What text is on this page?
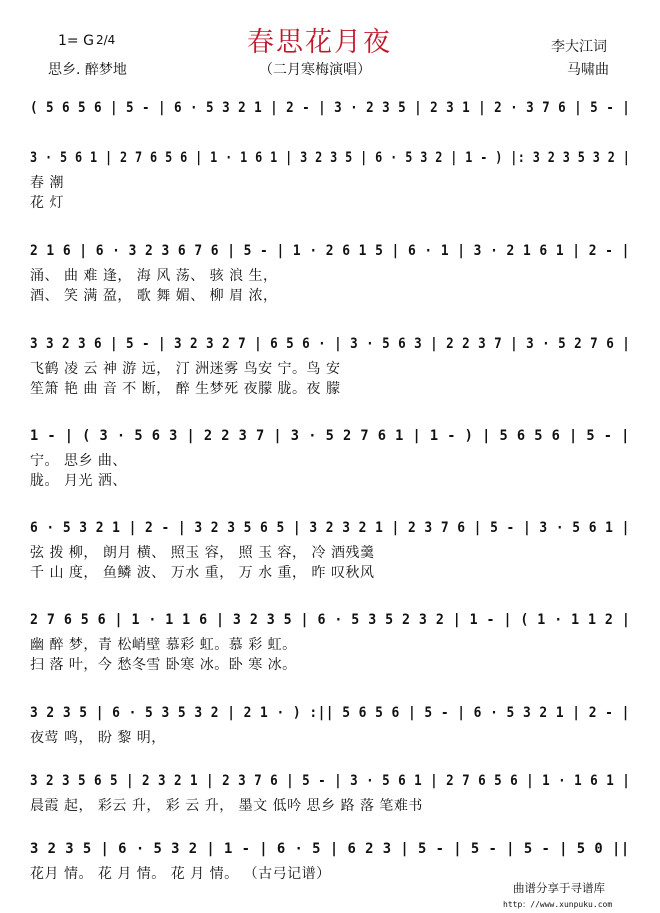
1= G 2/4	春思花月夜	李大江词
思乡. 醉梦地	（二月寒梅演唱）	马啸曲
( 5 6 5 6 | 5 - | 6 · 5 3 2 1 | 2 - | 3 · 2 3 5 | 2 3 1 | 2 · 3 7 6 | 5 - |
3 · 5 6 1 | 2 7 6 5 6 | 1 · 1 6 1 | 3 2 3 5 | 6 · 5 3 2 | 1 - ) |: 3 2 3 5 3 2 |
春 潮
花 灯
2 1 6 | 6 · 3 2 3 6 7 6 | 5 - | 1 · 2 6 1 5 | 6 · 1 | 3 · 2 1 6 1 | 2 - |
涌、 曲 难 逢， 海 风 荡、 骇 浪 生，
酒、 笑 满 盈， 歌 舞 媚、 柳 眉 浓，
3 3 2 3 6 | 5 - | 3 2 3 2 7 | 6 5 6 · | 3 · 5 6 3 | 2 2 3 7 | 3 · 5 2 7 6 |
飞鹤 凌 云 神 游 远， 汀 洲迷雾 鸟安 宁。鸟 安
笙箫 艳 曲 音 不 断， 醉 生梦死 夜朦 胧。夜 朦
1 - | ( 3 · 5 6 3 | 2 2 3 7 | 3 · 5 2 7 6 1 | 1 - ) | 5 6 5 6 | 5 - |
宁。 思乡 曲、
胧。 月光 洒、
6 · 5 3 2 1 | 2 - | 3 2 3 5 6 5 | 3 2 3 2 1 | 2 3 7 6 | 5 - | 3 · 5 6 1 |
弦 拨 柳， 朗月 横、 照玉 容， 照 玉 容， 冷 酒残羹
千 山 度， 鱼鳞 波、 万水 重， 万 水 重， 昨 叹秋风
2 7 6 5 6 | 1 · 1 1 6 | 3 2 3 5 | 6 · 5 3 5 2 3 2 | 1 - | ( 1 · 1 1 2 |
幽 醉 梦，青 松峭壁 慕彩 虹。慕 彩 虹。
扫 落 叶，今 愁冬雪 卧寒 冰。卧 寒 冰。
3 2 3 5 | 6 · 5 3 5 3 2 | 2 1 · ) :|| 5 6 5 6 | 5 - | 6 · 5 3 2 1 | 2 - |
夜莺 鸣， 盼 黎 明，
3 2 3 5 6 5 | 2 3 2 1 | 2 3 7 6 | 5 - | 3 · 5 6 1 | 2 7 6 5 6 | 1 · 1 6 1 |
晨霞 起， 彩云 升， 彩 云 升， 墨文 低吟 思乡 路 落 笔难书
3 2 3 5 | 6 · 5 3 2 | 1 - | 6 · 5 | 6 2 3 | 5 - | 5 - | 5 - | 5 0 ||
花月 情。 花 月 情。 花 月 情。 （古弓记谱）
曲谱分享于寻谱库
http：//www.xunpuku.com
